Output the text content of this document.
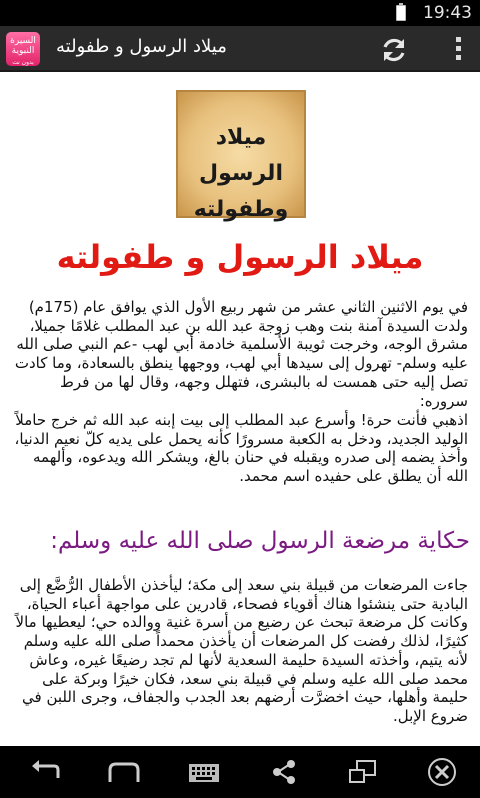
19:43
السيرة
النبوية
بدون نت
ميلاد الرسول و طفولته
ميلاد الرسول
وطفولته
ميلاد الرسول و طفولته

في يوم الاثنين الثاني عشر من شهر ربيع الأول الذي يوافق عام (175م) ولدت السيدة آمنة بنت وهب زوجة عبد الله بن عبد المطلب غلامًا جميلا، مشرق الوجه، وخرجت ثويبة الأسلمية خادمة أبي لهب -عم النبي صلى الله عليه وسلم- تهرول إلى سيدها أبي لهب، ووجهها ينطق بالسعادة، وما كادت تصل إليه حتى همست له بالبشرى، فتهلل وجهه، وقال لها من فرط سروره:

اذهبي فأنت حرة! وأسرع عبد المطلب إلى بيت إبنه عبد الله ثم خرج حاملاً الوليد الجديد، ودخل به الكعبة مسرورًا كأنه يحمل على يديه كلّ نعيم الدنيا، وأخذ يضمه إلى صدره ويقبله في حنان بالغ، ويشكر الله ويدعوه، وألهمه الله أن يطلق على حفيده اسم محمد.

حكاية مرضعة الرسول صلى الله عليه وسلم:

جاءت المرضعات من قبيلة بني سعد إلى مكة؛ ليأخذن الأطفال الرُّضَّع إلى البادية حتى ينشئوا هناك أقوياء فصحاء، قادرين على مواجهة أعباء الحياة، وكانت كل مرضعة تبحث عن رضيع من أسرة غنية ووالده حي؛ ليعطيها مالاً كثيرًا، لذلك رفضت كل المرضعات أن يأخذن محمداً صلى الله عليه وسلم لأنه يتيم، وأخذته السيدة حليمة السعدية لأنها لم تجد رضيعًا غيره، وعاش محمد صلى الله عليه وسلم في قبيلة بني سعد، فكان خيرًا وبركة على حليمة وأهلها، حيث اخضرَّت أرضهم بعد الجدب والجفاف، وجرى اللبن في ضروع الإبل.
